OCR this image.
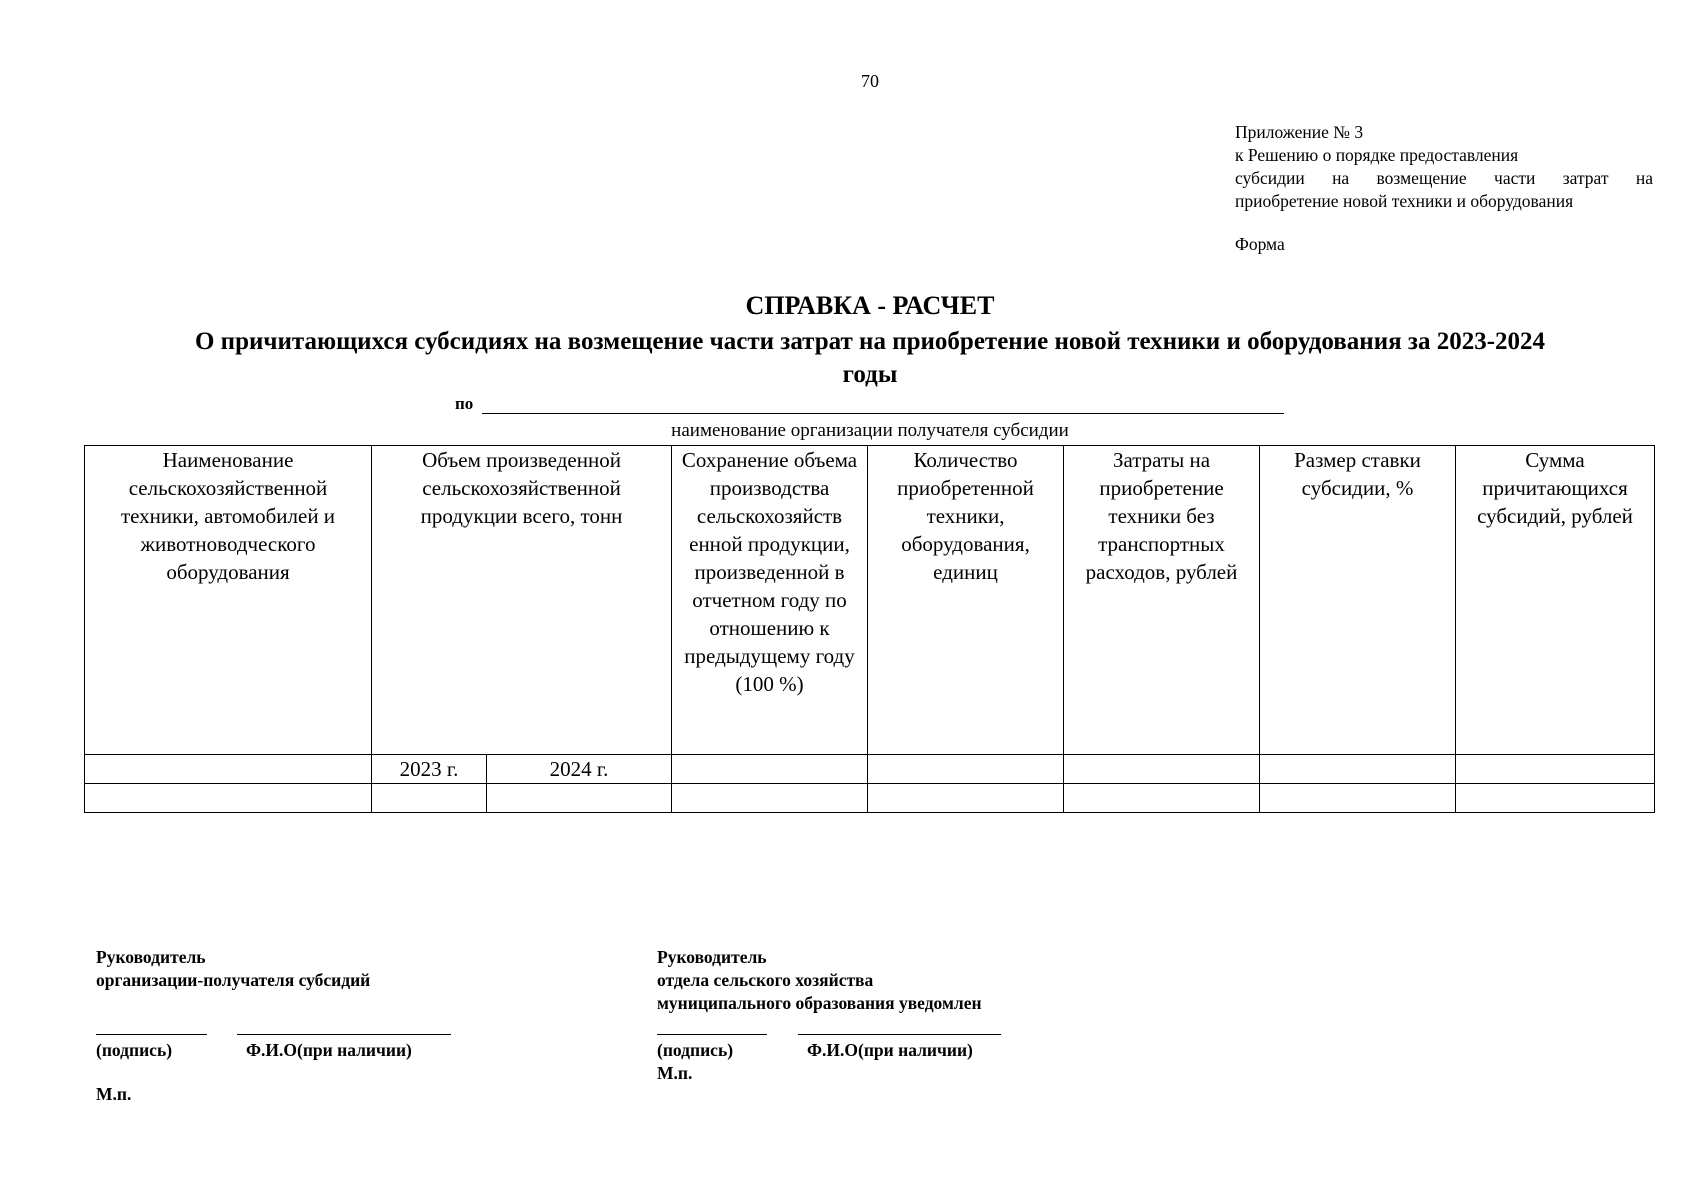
70
Приложение № 3
к Решению о порядке предоставления
субсидии на возмещение части затрат на
приобретение новой техники и оборудования
Форма
СПРАВКА - РАСЧЕТ
О причитающихся субсидиях на возмещение части затрат на приобретение новой техники и оборудования за 2023-2024
годы
по
наименование организации получателя субсидии
Наименование сельскохозяйственной техники, автомобилей и животноводческого оборудования	Объем произведенной сельскохозяйственной продукции всего, тонн		Сохранение объема производства сельскохозяйств енной продукции, произведенной в отчетном году по отношению к предыдущему году (100 %)	Количество приобретенной техники, оборудования, единиц	Затраты на приобретение техники без транспортных расходов, рублей	Размер ставки субсидии, %	Сумма причитающихся субсидий, рублей
	2023 г.	2024 г.					

Руководитель
организации-получателя субсидий
(подпись)	Ф.И.О(при наличии)
М.п.
Руководитель
отдела сельского хозяйства
муниципального образования уведомлен
(подпись)	Ф.И.О(при наличии)
М.п.
